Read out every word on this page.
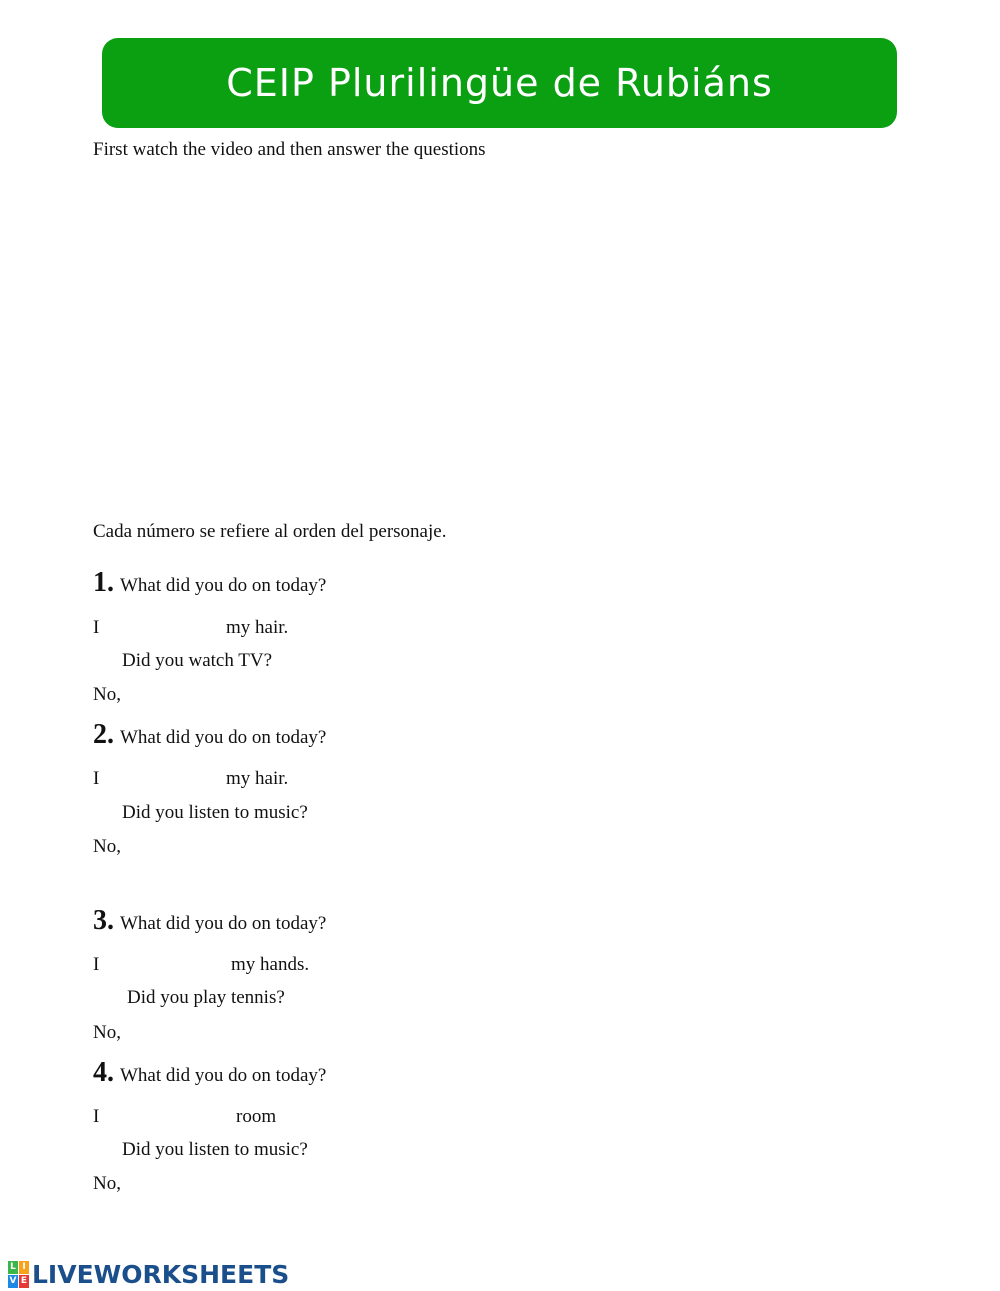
CEIP Plurilingüe de Rubiáns
First watch the video and then answer the questions
Cada número se refiere al orden del personaje.
1. What did you do on today?
I	my hair.
Did you watch TV?
No,
2. What did you do on today?
I	my hair.
Did you listen to music?
No,
3. What did you do on today?
I	my hands.
Did you play tennis?
No,
4. What did you do on today?
I	room
Did you listen to music?
No,
L I
V E LIVEWORKSHEETS
